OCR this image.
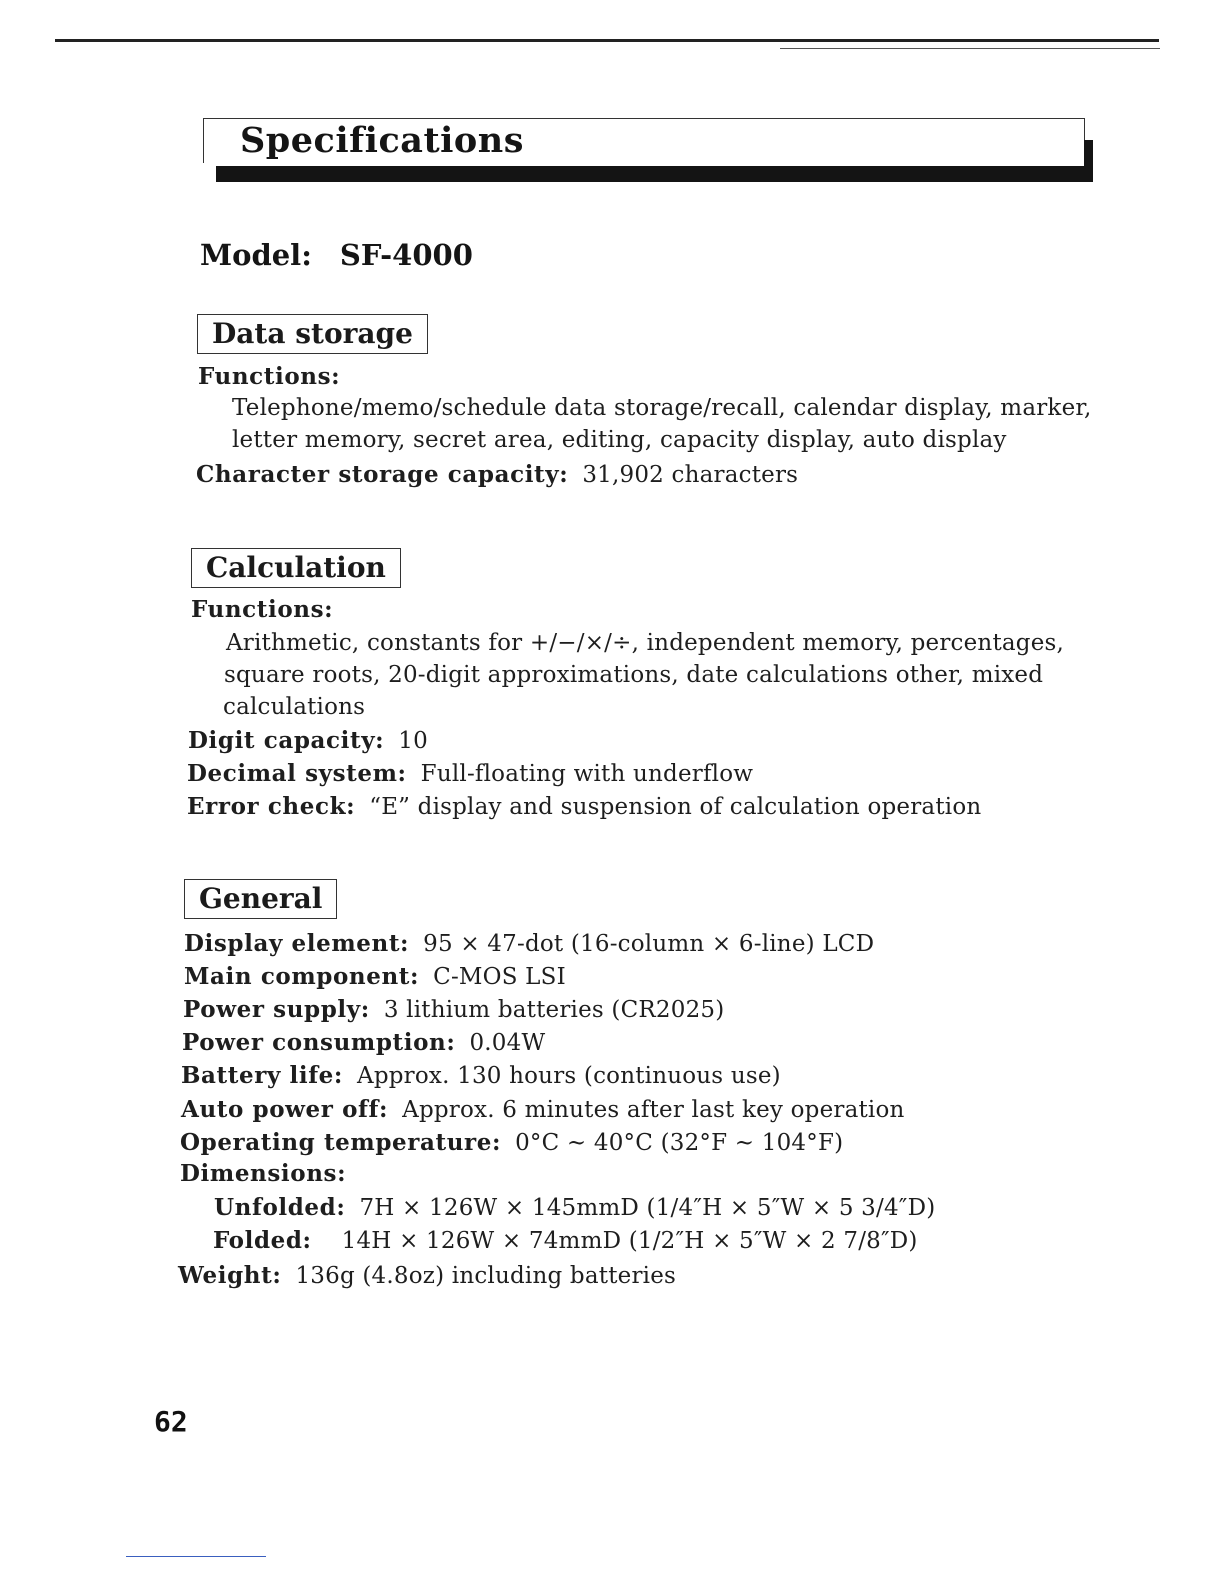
Specifications
Model: SF-4000
Data storage
Functions:
Telephone/memo/schedule data storage/recall, calendar display, marker,
letter memory, secret area, editing, capacity display, auto display
Character storage capacity: 31,902 characters
Calculation
Functions:
Arithmetic, constants for +/−/×/÷, independent memory, percentages,
square roots, 20-digit approximations, date calculations other, mixed
calculations
Digit capacity: 10
Decimal system: Full-floating with underflow
Error check: “E” display and suspension of calculation operation
General
Display element: 95 × 47-dot (16-column × 6-line) LCD
Main component: C-MOS LSI
Power supply: 3 lithium batteries (CR2025)
Power consumption: 0.04W
Battery life: Approx. 130 hours (continuous use)
Auto power off: Approx. 6 minutes after last key operation
Operating temperature: 0°C ~ 40°C (32°F ~ 104°F)
Dimensions:
Unfolded: 7H × 126W × 145mmD (1/4″H × 5″W × 5 3/4″D)
Folded: 14H × 126W × 74mmD (1/2″H × 5″W × 2 7/8″D)
Weight: 136g (4.8oz) including batteries
62
